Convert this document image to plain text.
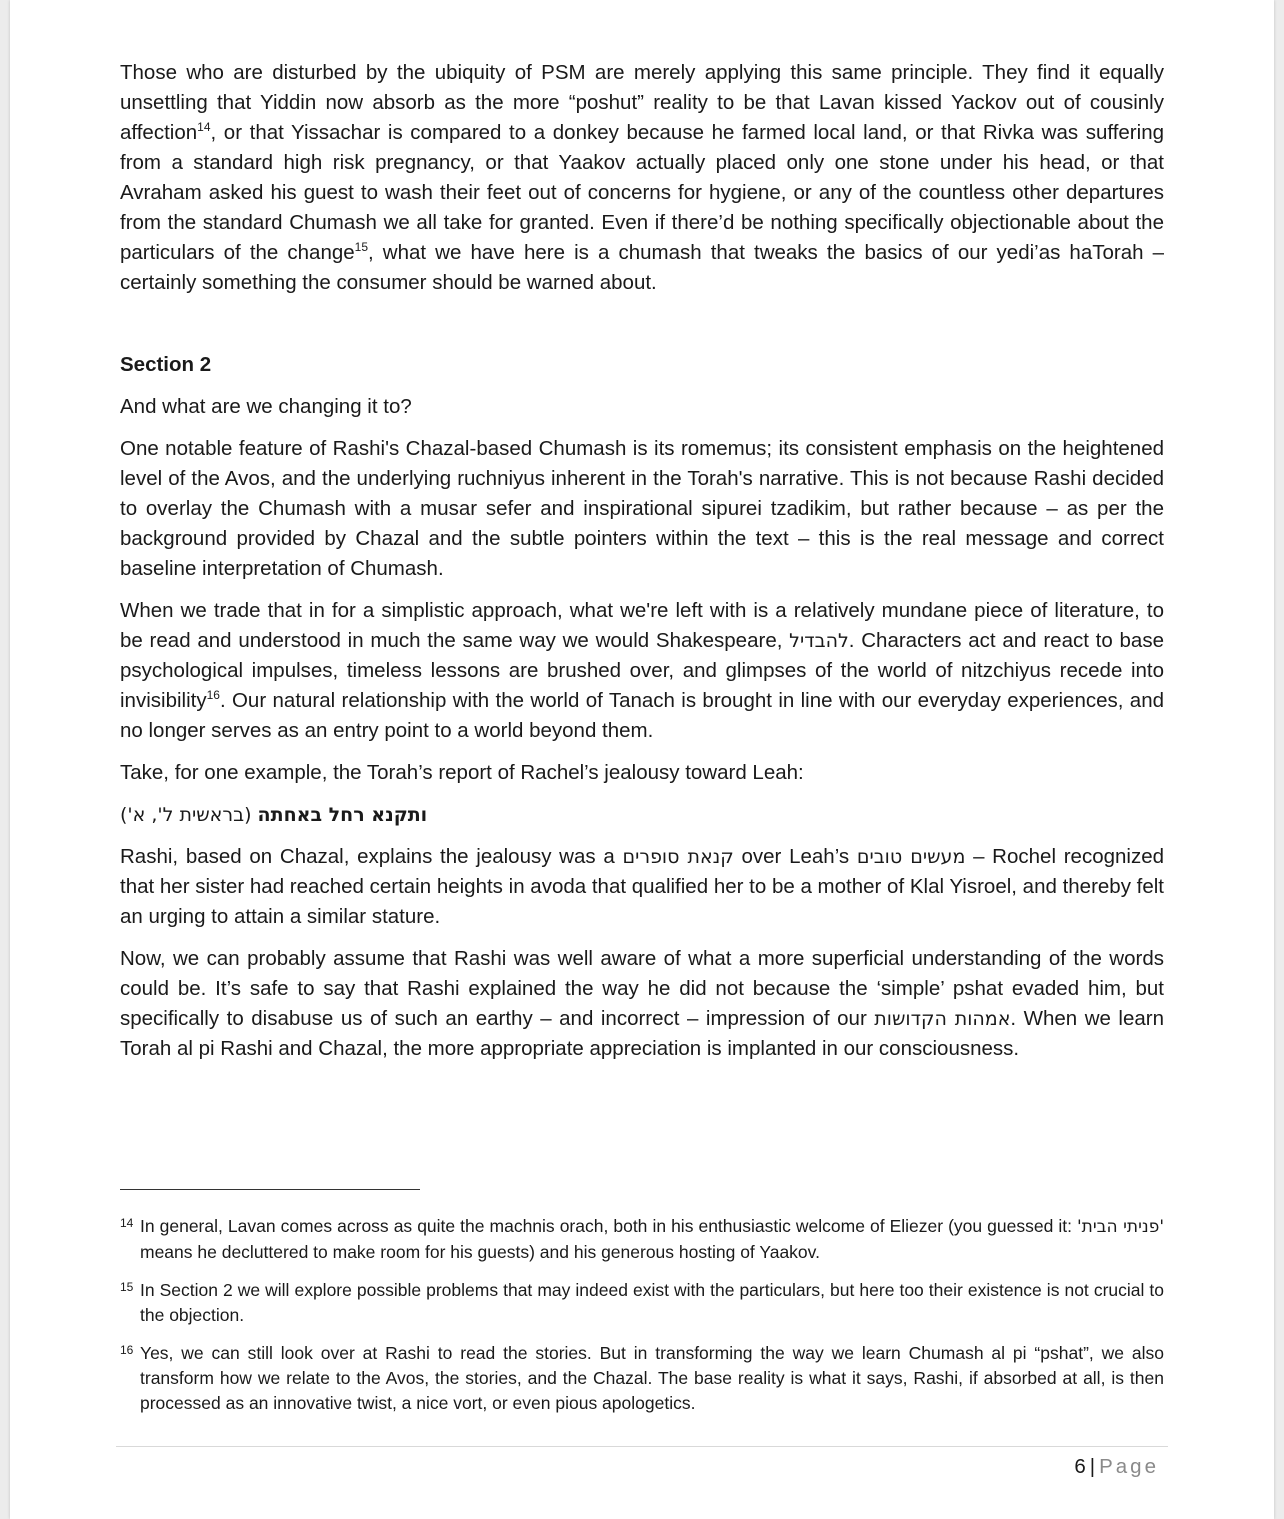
Those who are disturbed by the ubiquity of PSM are merely applying this same principle. They find it equally unsettling that Yiddin now absorb as the more “poshut” reality to be that Lavan kissed Yackov out of cousinly affection$^{14}$, or that Yissachar is compared to a donkey because he farmed local land, or that Rivka was suffering from a standard high risk pregnancy, or that Yaakov actually placed only one stone under his head, or that Avraham asked his guest to wash their feet out of concerns for hygiene, or any of the countless other departures from the standard Chumash we all take for granted. Even if there’d be nothing specifically objectionable about the particulars of the change$^{15}$, what we have here is a chumash that tweaks the basics of our yedi’as haTorah – certainly something the consumer should be warned about.

Section 2

And what are we changing it to?

One notable feature of Rashi's Chazal-based Chumash is its romemus; its consistent emphasis on the heightened level of the Avos, and the underlying ruchniyus inherent in the Torah's narrative. This is not because Rashi decided to overlay the Chumash with a musar sefer and inspirational sipurei tzadikim, but rather because – as per the background provided by Chazal and the subtle pointers within the text – this is the real message and correct baseline interpretation of Chumash.

When we trade that in for a simplistic approach, what we're left with is a relatively mundane piece of literature, to be read and understood in much the same way we would Shakespeare, להבדיל. Characters act and react to base psychological impulses, timeless lessons are brushed over, and glimpses of the world of nitzchiyus recede into invisibility$^{16}$. Our natural relationship with the world of Tanach is brought in line with our everyday experiences, and no longer serves as an entry point to a world beyond them.

Take, for one example, the Torah’s report of Rachel’s jealousy toward Leah:

ותקנא רחל באחתה (בראשית ל', א')

Rashi, based on Chazal, explains the jealousy was a קנאת סופרים over Leah’s מעשים טובים – Rochel recognized that her sister had reached certain heights in avoda that qualified her to be a mother of Klal Yisroel, and thereby felt an urging to attain a similar stature.

Now, we can probably assume that Rashi was well aware of what a more superficial understanding of the words could be. It’s safe to say that Rashi explained the way he did not because the ‘simple’ pshat evaded him, but specifically to disabuse us of such an earthy – and incorrect – impression of our אמהות הקדושות. When we learn Torah al pi Rashi and Chazal, the more appropriate appreciation is implanted in our consciousness.

14 In general, Lavan comes across as quite the machnis orach, both in his enthusiastic welcome of Eliezer (you guessed it: 'פניתי הבית' means he decluttered to make room for his guests) and his generous hosting of Yaakov.
15 In Section 2 we will explore possible problems that may indeed exist with the particulars, but here too their existence is not crucial to the objection.
16 Yes, we can still look over at Rashi to read the stories. But in transforming the way we learn Chumash al pi “pshat”, we also transform how we relate to the Avos, the stories, and the Chazal. The base reality is what it says, Rashi, if absorbed at all, is then processed as an innovative twist, a nice vort, or even pious apologetics.
6 | Page
